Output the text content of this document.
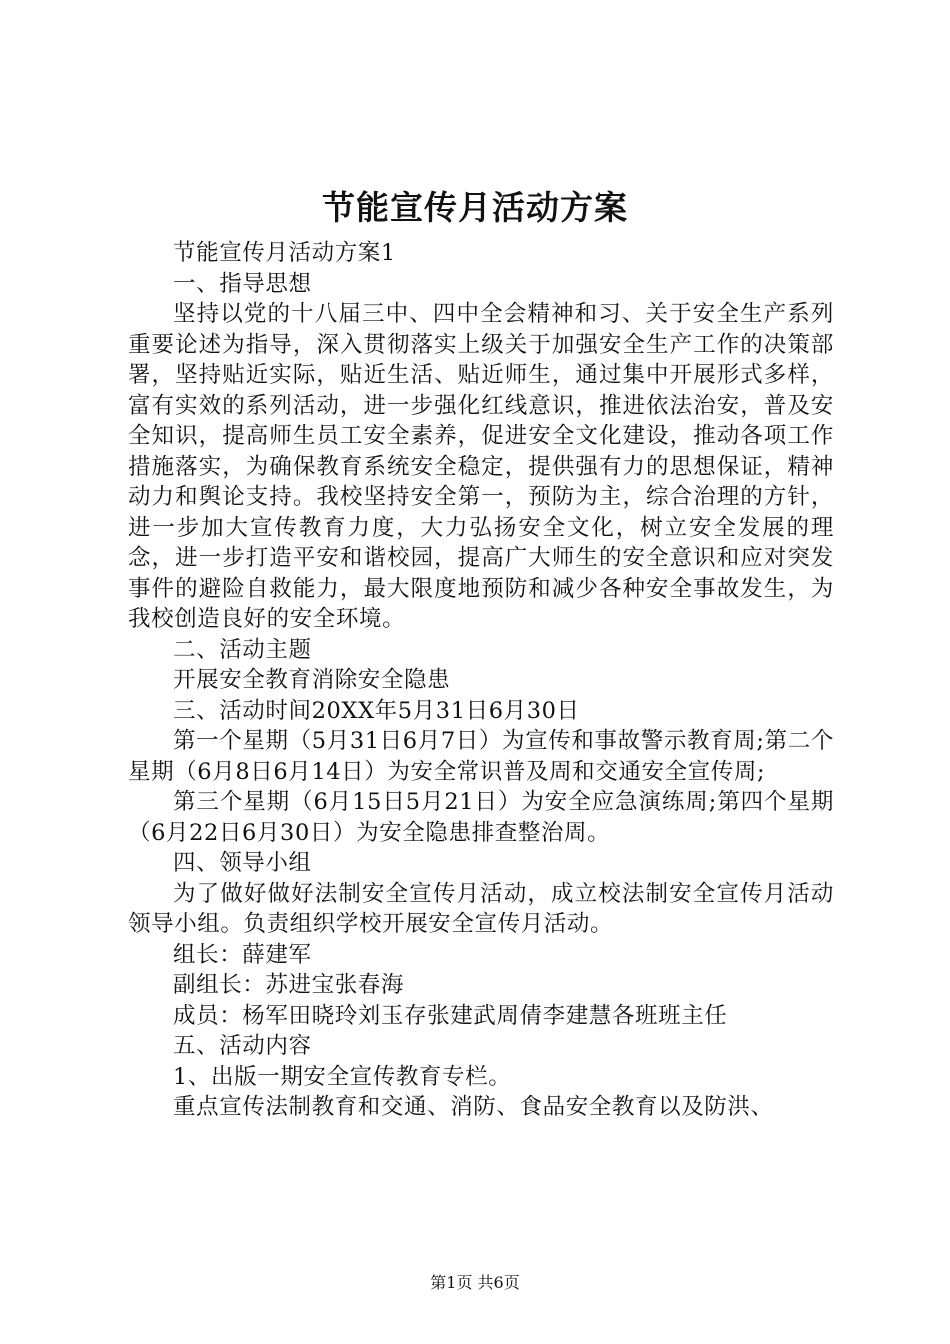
节能宣传月活动方案

节能宣传月活动方案1

一、指导思想

坚持以党的十八届三中、四中全会精神和习、关于安全生产系列重要论述为指导，深入贯彻落实上级关于加强安全生产工作的决策部署，坚持贴近实际，贴近生活、贴近师生，通过集中开展形式多样，富有实效的系列活动，进一步强化红线意识，推进依法治安，普及安全知识，提高师生员工安全素养，促进安全文化建设，推动各项工作措施落实，为确保教育系统安全稳定，提供强有力的思想保证，精神动力和舆论支持。我校坚持安全第一，预防为主，综合治理的方针，进一步加大宣传教育力度，大力弘扬安全文化，树立安全发展的理念，进一步打造平安和谐校园，提高广大师生的安全意识和应对突发事件的避险自救能力，最大限度地预防和减少各种安全事故发生，为我校创造良好的安全环境。

二、活动主题

开展安全教育消除安全隐患

三、活动时间20XX年5月31日6月30日

第一个星期（5月31日6月7日）为宣传和事故警示教育周;第二个星期（6月8日6月14日）为安全常识普及周和交通安全宣传周;

第三个星期（6月15日5月21日）为安全应急演练周;第四个星期（6月22日6月30日）为安全隐患排查整治周。

四、领导小组

为了做好做好法制安全宣传月活动，成立校法制安全宣传月活动领导小组。负责组织学校开展安全宣传月活动。

组长：薛建军

副组长：苏进宝张春海

成员：杨军田晓玲刘玉存张建武周倩李建慧各班班主任

五、活动内容

1、出版一期安全宣传教育专栏。

重点宣传法制教育和交通、消防、食品安全教育以及防洪、

第1页 共6页
